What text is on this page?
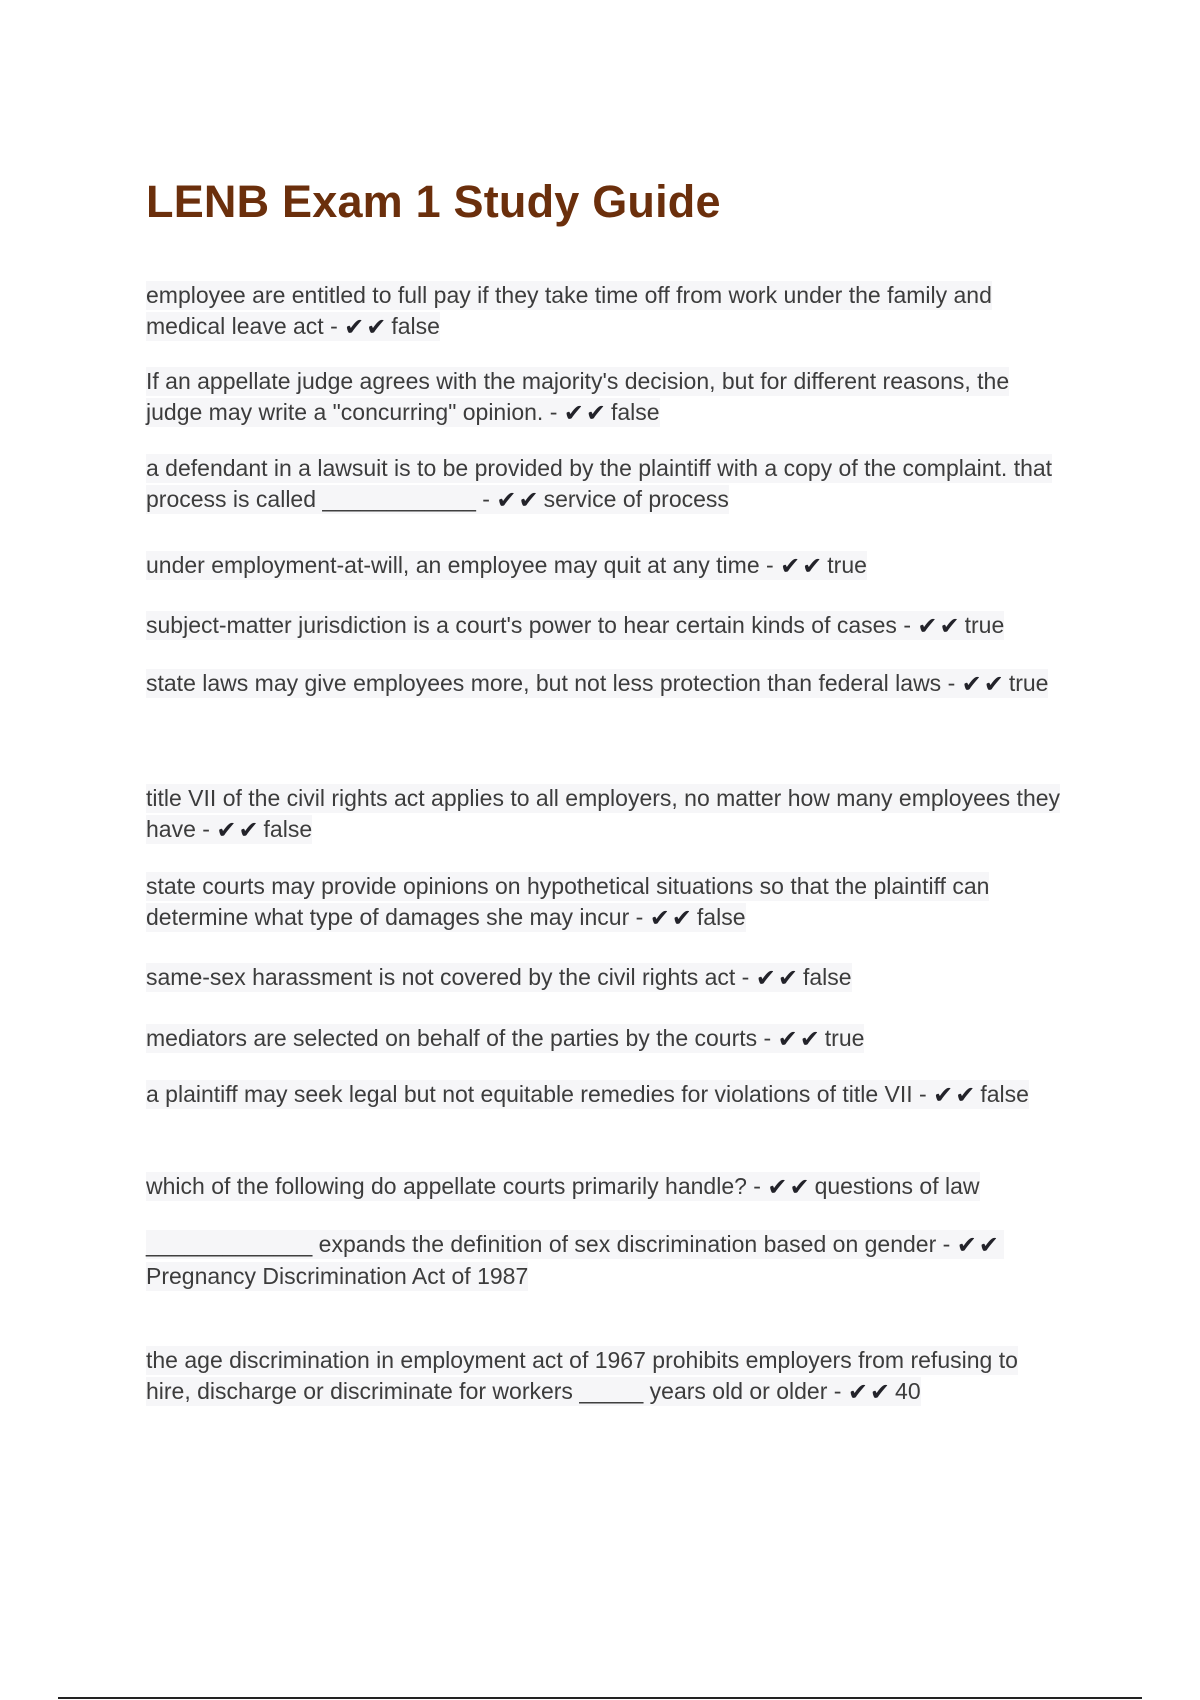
LENB Exam 1 Study Guide
employee are entitled to full pay if they take time off from work under the family and medical leave act - ✔✔ false
If an appellate judge agrees with the majority's decision, but for different reasons, the judge may write a "concurring" opinion. - ✔✔ false
a defendant in a lawsuit is to be provided by the plaintiff with a copy of the complaint. that process is called ____________ - ✔✔ service of process
under employment-at-will, an employee may quit at any time - ✔✔ true
subject-matter jurisdiction is a court's power to hear certain kinds of cases - ✔✔ true
state laws may give employees more, but not less protection than federal laws - ✔✔ true
title VII of the civil rights act applies to all employers, no matter how many employees they have - ✔✔ false
state courts may provide opinions on hypothetical situations so that the plaintiff can determine what type of damages she may incur - ✔✔ false
same-sex harassment is not covered by the civil rights act - ✔✔ false
mediators are selected on behalf of the parties by the courts - ✔✔ true
a plaintiff may seek legal but not equitable remedies for violations of title VII - ✔✔ false
which of the following do appellate courts primarily handle? - ✔✔ questions of law
_____________ expands the definition of sex discrimination based on gender - ✔✔Pregnancy Discrimination Act of 1987
the age discrimination in employment act of 1967 prohibits employers from refusing to hire, discharge or discriminate for workers _____ years old or older - ✔✔ 40
